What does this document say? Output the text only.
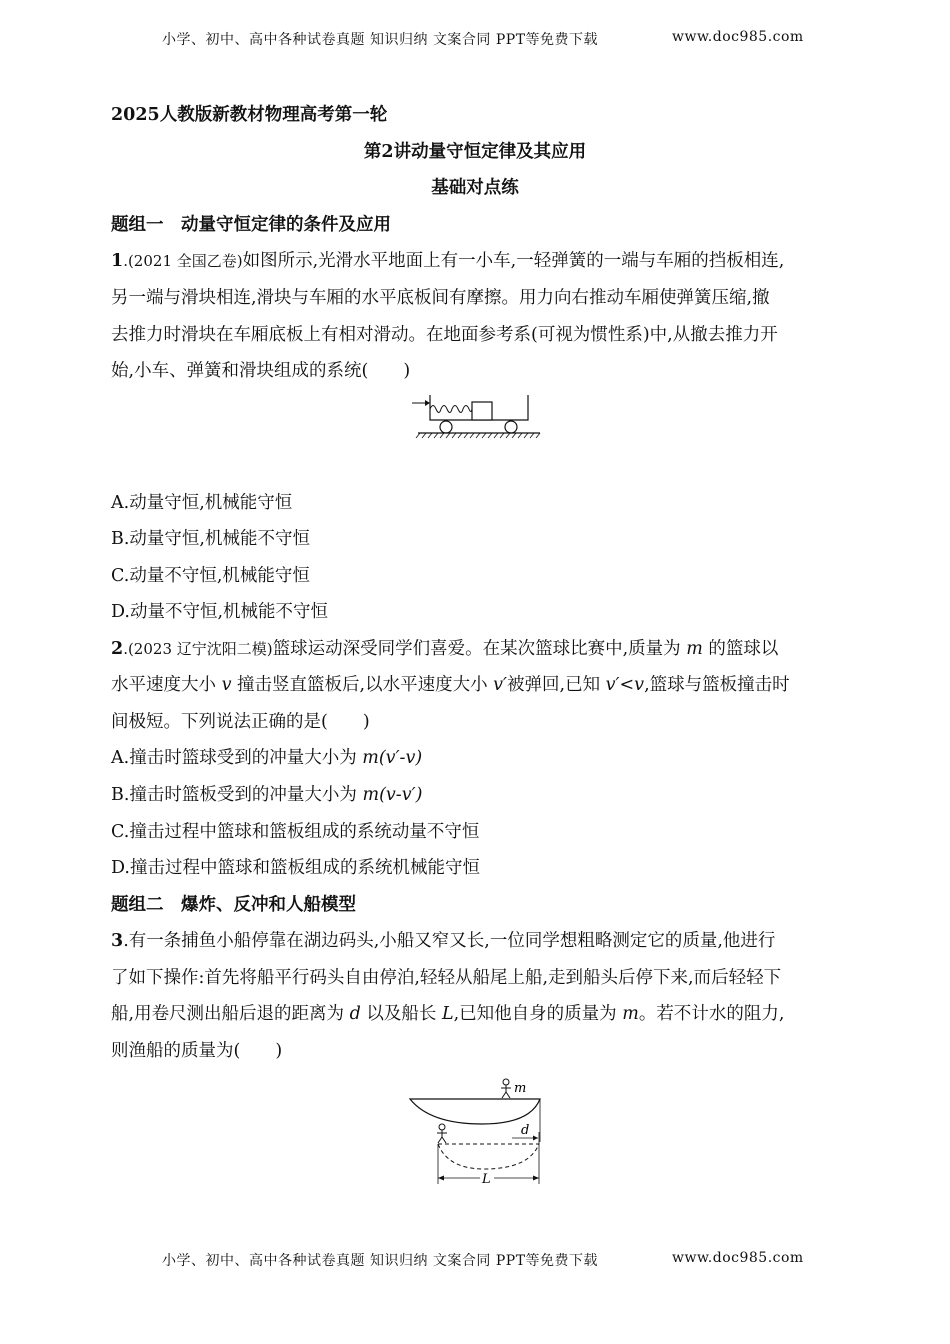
小学、初中、高中各种试卷真题 知识归纳 文案合同 PPT等免费下载	www.doc985.com
2025人教版新教材物理高考第一轮
第2讲动量守恒定律及其应用
基础对点练
题组一　动量守恒定律的条件及应用
1.(2021 全国乙卷)如图所示,光滑水平地面上有一小车,一轻弹簧的一端与车厢的挡板相连,
另一端与滑块相连,滑块与车厢的水平底板间有摩擦。用力向右推动车厢使弹簧压缩,撤
去推力时滑块在车厢底板上有相对滑动。在地面参考系(可视为惯性系)中,从撤去推力开
始,小车、弹簧和滑块组成的系统(　　)
A.动量守恒,机械能守恒
B.动量守恒,机械能不守恒
C.动量不守恒,机械能守恒
D.动量不守恒,机械能不守恒
2.(2023 辽宁沈阳二模)篮球运动深受同学们喜爱。在某次篮球比赛中,质量为 m 的篮球以
水平速度大小 v 撞击竖直篮板后,以水平速度大小 v′被弹回,已知 v′<v,篮球与篮板撞击时
间极短。下列说法正确的是(　　)
A.撞击时篮球受到的冲量大小为 m(v′-v)
B.撞击时篮板受到的冲量大小为 m(v-v′)
C.撞击过程中篮球和篮板组成的系统动量不守恒
D.撞击过程中篮球和篮板组成的系统机械能守恒
题组二　爆炸、反冲和人船模型
3.有一条捕鱼小船停靠在湖边码头,小船又窄又长,一位同学想粗略测定它的质量,他进行
了如下操作:首先将船平行码头自由停泊,轻轻从船尾上船,走到船头后停下来,而后轻轻下
船,用卷尺测出船后退的距离为 d 以及船长 L,已知他自身的质量为 m。若不计水的阻力,
则渔船的质量为(　　)
m
d
L
小学、初中、高中各种试卷真题 知识归纳 文案合同 PPT等免费下载	www.doc985.com
